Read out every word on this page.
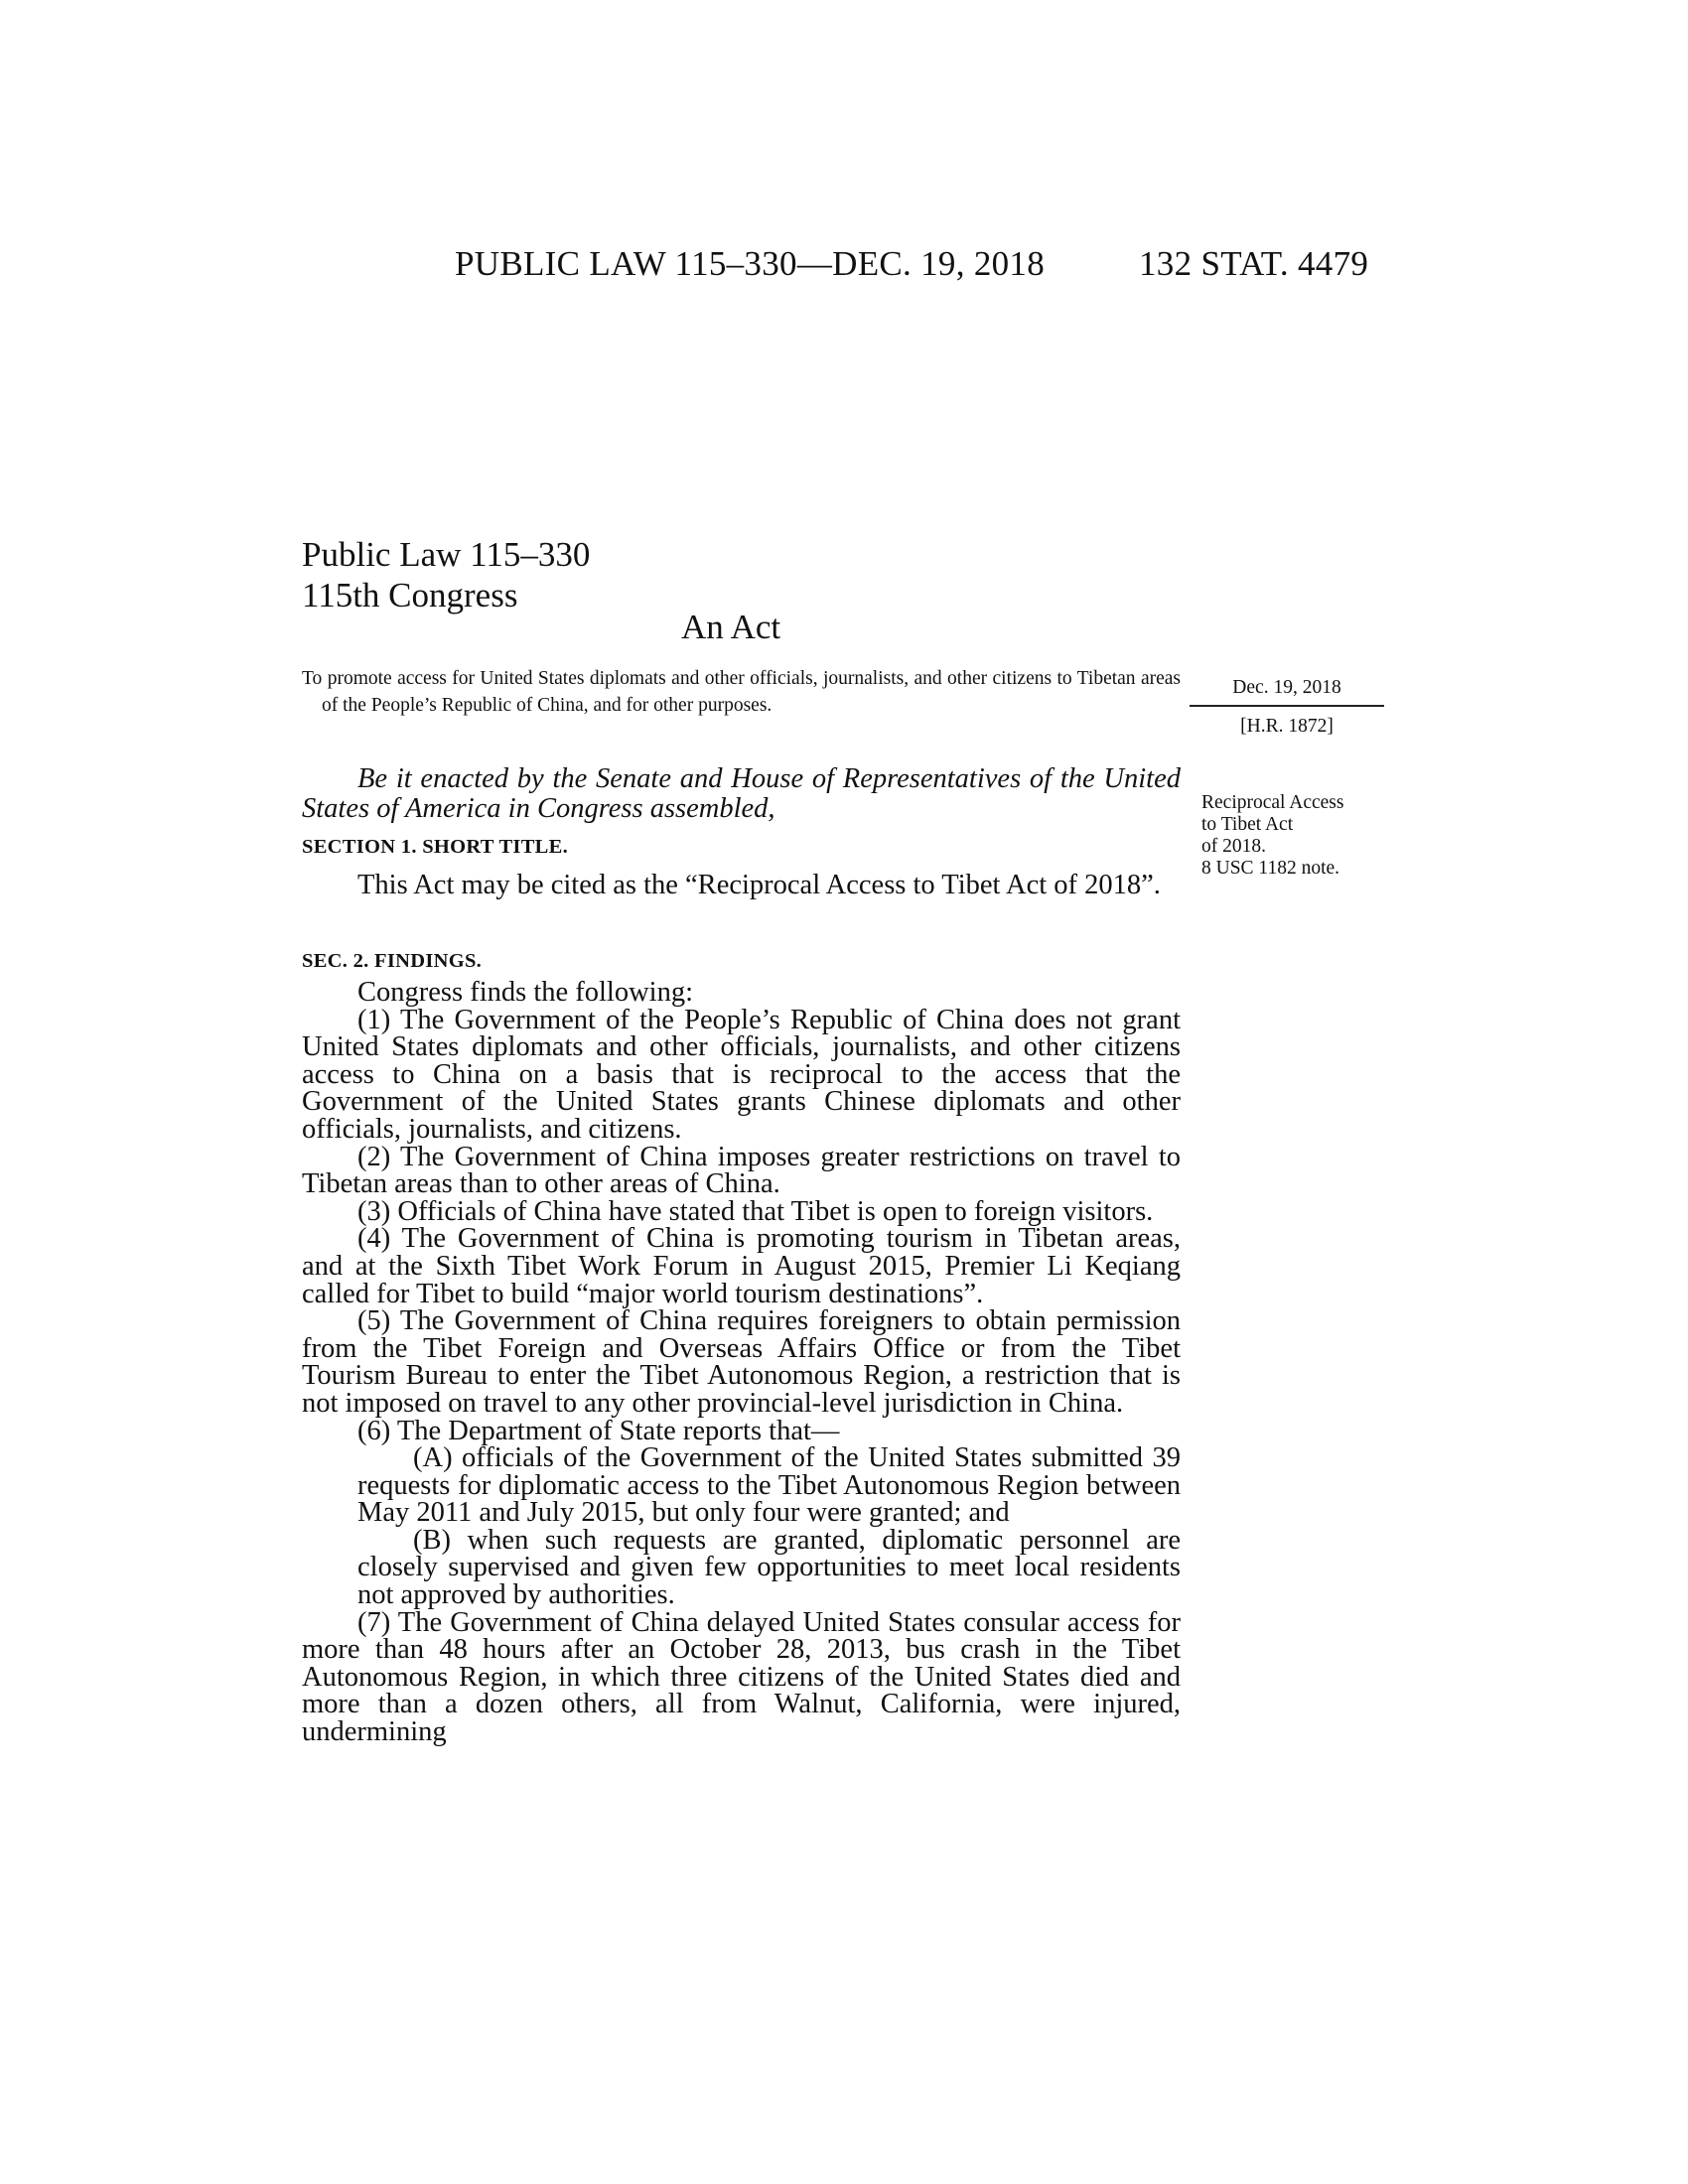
PUBLIC LAW 115–330—DEC. 19, 2018	132 STAT. 4479
Public Law 115–330
115th Congress
An Act
To promote access for United States diplomats and other officials, journalists, and other citizens to Tibetan areas of the People’s Republic of China, and for other purposes.
Dec. 19, 2018
[H.R. 1872]
Reciprocal Access
to Tibet Act
of 2018.
8 USC 1182 note.
Be it enacted by the Senate and House of Representatives of the United States of America in Congress assembled,
SECTION 1. SHORT TITLE.

This Act may be cited as the “Reciprocal Access to Tibet Act of 2018”.

SEC. 2. FINDINGS.

Congress finds the following:

(1) The Government of the People’s Republic of China does not grant United States diplomats and other officials, journalists, and other citizens access to China on a basis that is reciprocal to the access that the Government of the United States grants Chinese diplomats and other officials, journalists, and citizens.

(2) The Government of China imposes greater restrictions on travel to Tibetan areas than to other areas of China.

(3) Officials of China have stated that Tibet is open to foreign visitors.

(4) The Government of China is promoting tourism in Tibetan areas, and at the Sixth Tibet Work Forum in August 2015, Premier Li Keqiang called for Tibet to build “major world tourism destinations”.

(5) The Government of China requires foreigners to obtain permission from the Tibet Foreign and Overseas Affairs Office or from the Tibet Tourism Bureau to enter the Tibet Autonomous Region, a restriction that is not imposed on travel to any other provincial-level jurisdiction in China.

(6) The Department of State reports that—

(A) officials of the Government of the United States submitted 39 requests for diplomatic access to the Tibet Autonomous Region between May 2011 and July 2015, but only four were granted; and

(B) when such requests are granted, diplomatic personnel are closely supervised and given few opportunities to meet local residents not approved by authorities.

(7) The Government of China delayed United States consular access for more than 48 hours after an October 28, 2013, bus crash in the Tibet Autonomous Region, in which three citizens of the United States died and more than a dozen others, all from Walnut, California, were injured, undermining
